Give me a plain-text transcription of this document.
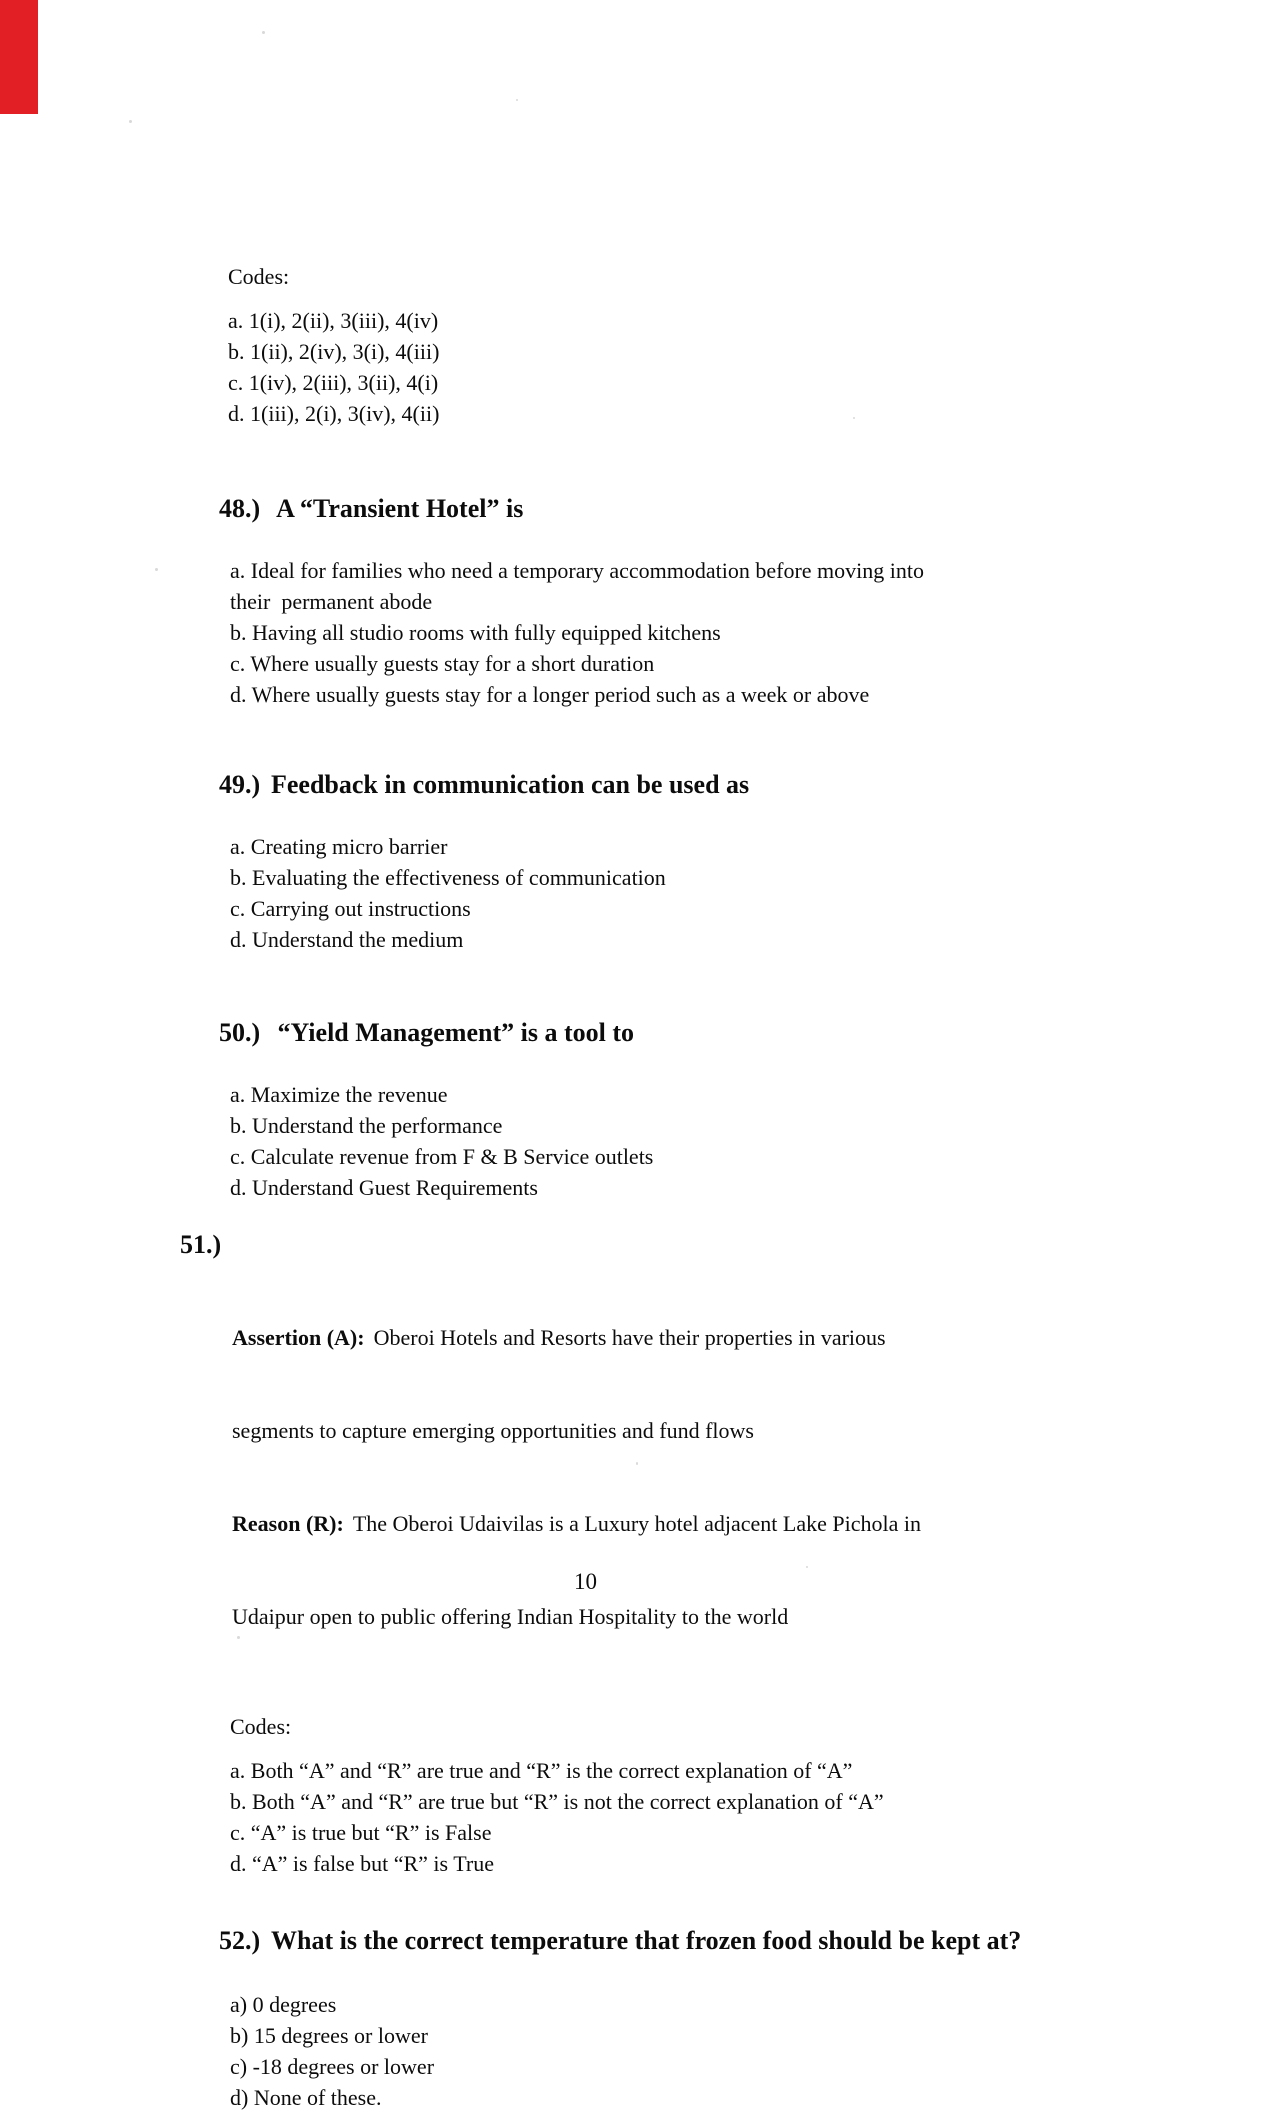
Codes:
a. 1(i), 2(ii), 3(iii), 4(iv)
b. 1(ii), 2(iv), 3(i), 4(iii)
c. 1(iv), 2(iii), 3(ii), 4(i)
d. 1(iii), 2(i), 3(iv), 4(ii)

48.) A “Transient Hotel” is

a. Ideal for families who need a temporary accommodation before moving into
their  permanent abode
b. Having all studio rooms with fully equipped kitchens
c. Where usually guests stay for a short duration
d. Where usually guests stay for a longer period such as a week or above

49.) Feedback in communication can be used as

a. Creating micro barrier
b. Evaluating the effectiveness of communication
c. Carrying out instructions
d. Understand the medium

50.) “Yield Management” is a tool to

a. Maximize the revenue
b. Understand the performance
c. Calculate revenue from F & B Service outlets
d. Understand Guest Requirements

51.)

Assertion (A): Oberoi Hotels and Resorts have their properties in various

segments to capture emerging opportunities and fund flows

Reason (R): The Oberoi Udaivilas is a Luxury hotel adjacent Lake Pichola in

Udaipur open to public offering Indian Hospitality to the world

Codes:
a. Both “A” and “R” are true and “R” is the correct explanation of “A”
b. Both “A” and “R” are true but “R” is not the correct explanation of “A”
c. “A” is true but “R” is False
d. “A” is false but “R” is True

52.) What is the correct temperature that frozen food should be kept at?

a) 0 degrees
b) 15 degrees or lower
c) -18 degrees or lower
d) None of these.
10
